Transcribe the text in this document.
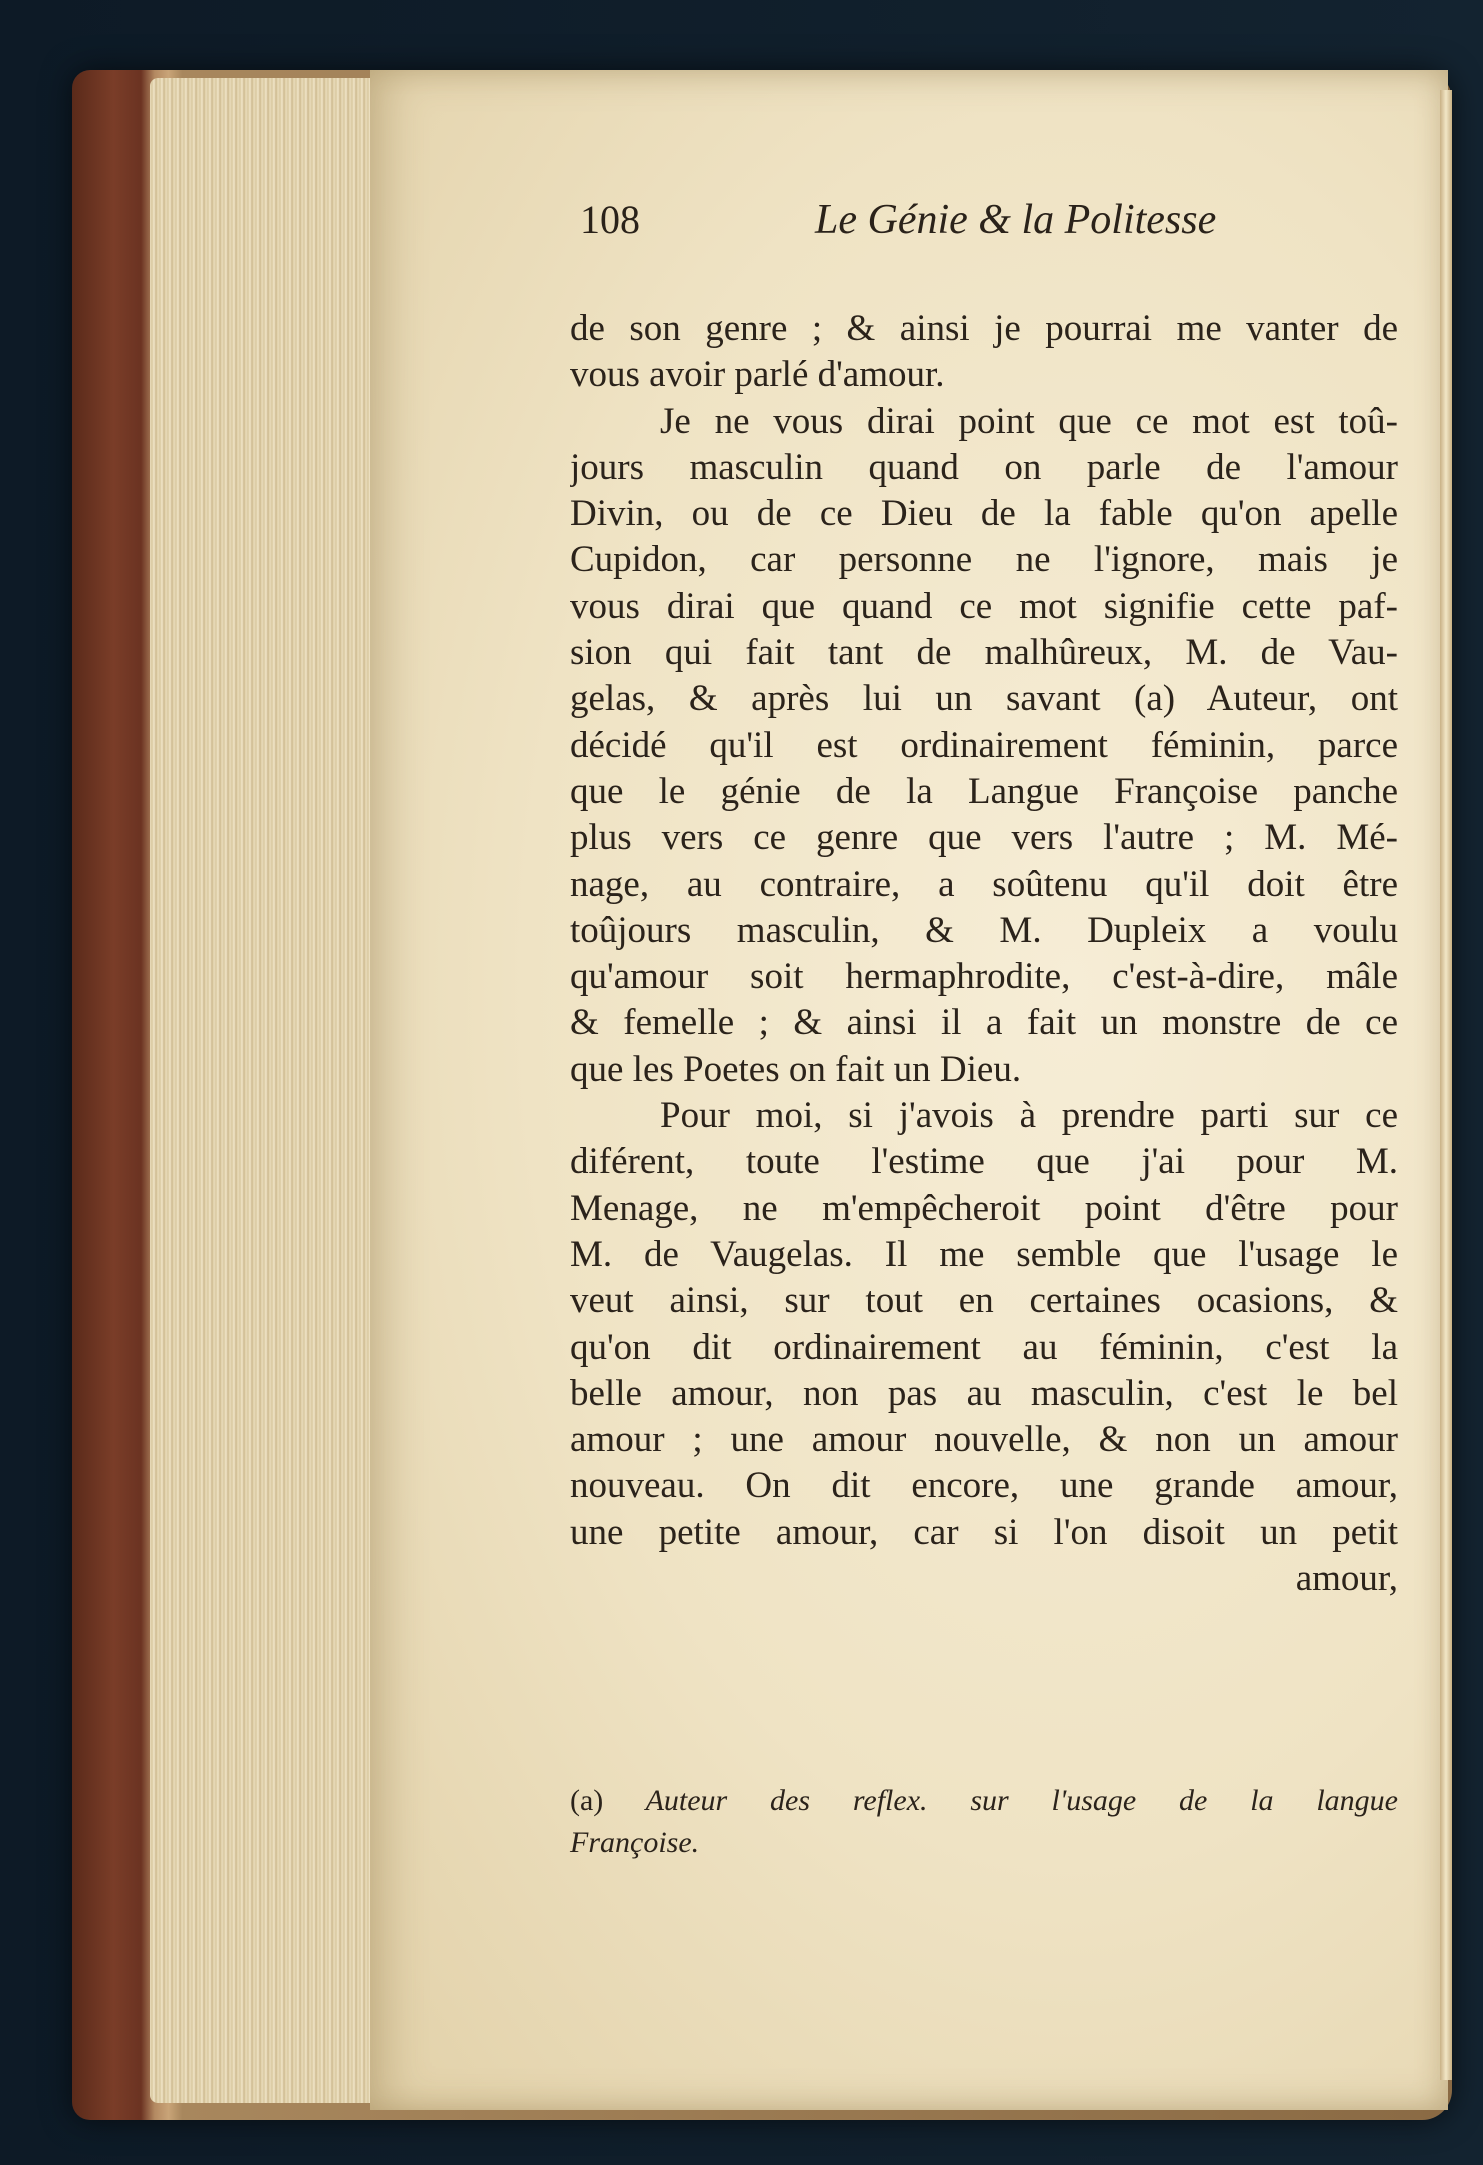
108	Le Génie & la Politesse
de son genre ; & ainsi je pourrai me vanter de
vous avoir parlé d'amour.
Je ne vous dirai point que ce mot est toû-
jours masculin quand on parle de l'amour
Divin, ou de ce Dieu de la fable qu'on apelle
Cupidon, car personne ne l'ignore, mais je
vous dirai que quand ce mot signifie cette paf-
sion qui fait tant de malhûreux, M. de Vau-
gelas, & après lui un savant (a) Auteur, ont
décidé qu'il est ordinairement féminin, parce
que le génie de la Langue Françoise panche
plus vers ce genre que vers l'autre ; M. Mé-
nage, au contraire, a soûtenu qu'il doit être
toûjours masculin, & M. Dupleix a voulu
qu'amour soit hermaphrodite, c'est-à-dire, mâle
& femelle ; & ainsi il a fait un monstre de ce
que les Poetes on fait un Dieu.
Pour moi, si j'avois à prendre parti sur ce
diférent, toute l'estime que j'ai pour M.
Menage, ne m'empêcheroit point d'être pour
M. de Vaugelas. Il me semble que l'usage le
veut ainsi, sur tout en certaines ocasions, &
qu'on dit ordinairement au féminin, c'est la
belle amour, non pas au masculin, c'est le bel
amour ; une amour nouvelle, & non un amour
nouveau. On dit encore, une grande amour,
une petite amour, car si l'on disoit un petit
amour,
(a) Auteur des reflex. sur l'usage de la langue
Françoise.
